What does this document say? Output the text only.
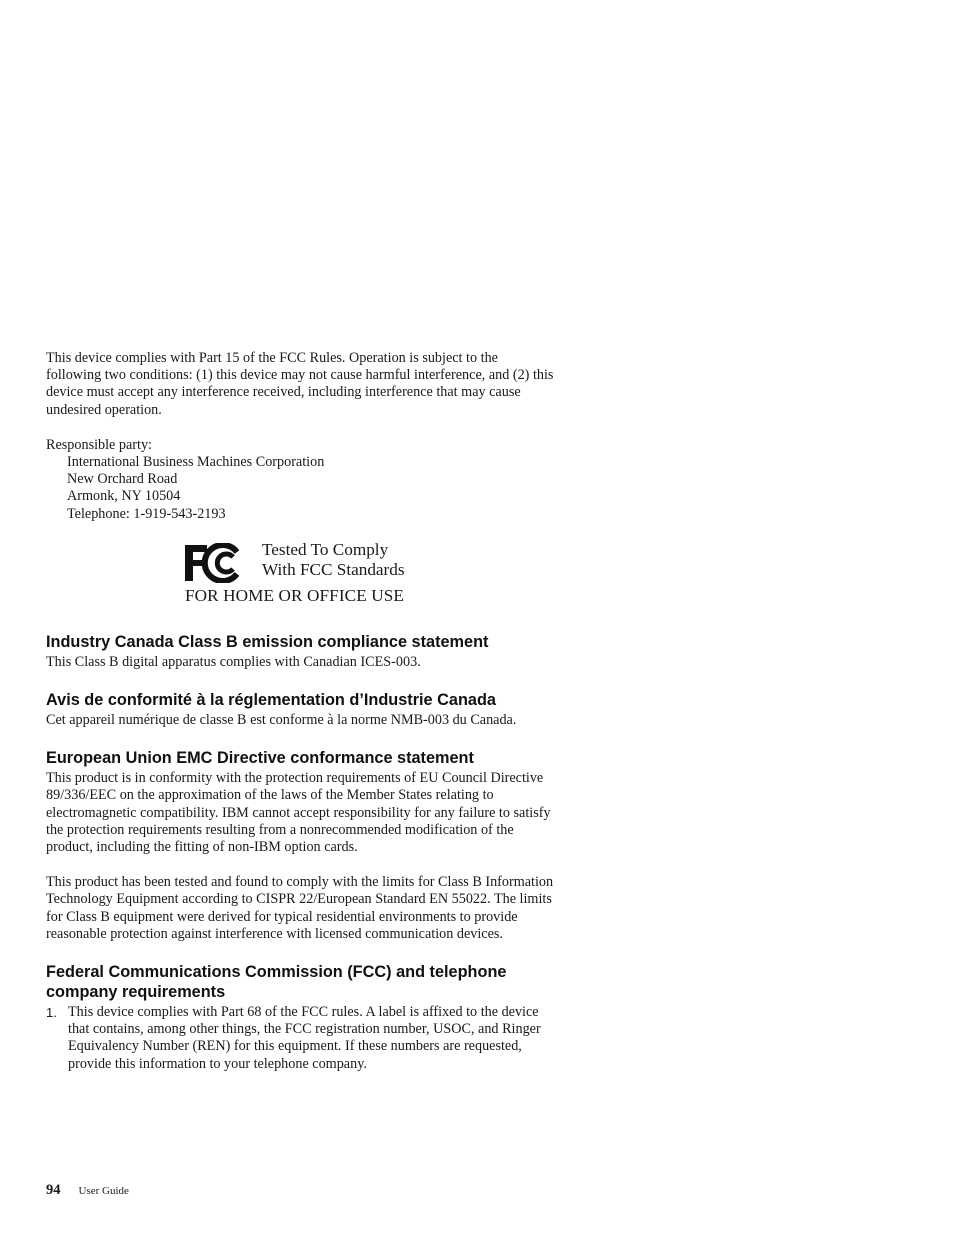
This device complies with Part 15 of the FCC Rules. Operation is subject to the following two conditions: (1) this device may not cause harmful interference, and (2) this device must accept any interference received, including interference that may cause undesired operation.

Responsible party:

International Business Machines Corporation

New Orchard Road

Armonk, NY 10504

Telephone: 1-919-543-2193

Tested To Comply
With FCC Standards
FOR HOME OR OFFICE USE
Industry Canada Class B emission compliance statement

This Class B digital apparatus complies with Canadian ICES-003.

Avis de conformité à la réglementation d’Industrie Canada

Cet appareil numérique de classe B est conforme à la norme NMB-003 du Canada.

European Union EMC Directive conformance statement

This product is in conformity with the protection requirements of EU Council Directive 89/336/EEC on the approximation of the laws of the Member States relating to electromagnetic compatibility. IBM cannot accept responsibility for any failure to satisfy the protection requirements resulting from a nonrecommended modification of the product, including the fitting of non-IBM option cards.

This product has been tested and found to comply with the limits for Class B Information Technology Equipment according to CISPR 22/European Standard EN 55022. The limits for Class B equipment were derived for typical residential environments to provide reasonable protection against interference with licensed communication devices.

Federal Communications Commission (FCC) and telephone company requirements
1. This device complies with Part 68 of the FCC rules. A label is affixed to the device that contains, among other things, the FCC registration number, USOC, and Ringer Equivalency Number (REN) for this equipment. If these numbers are requested, provide this information to your telephone company.
94 User Guide
